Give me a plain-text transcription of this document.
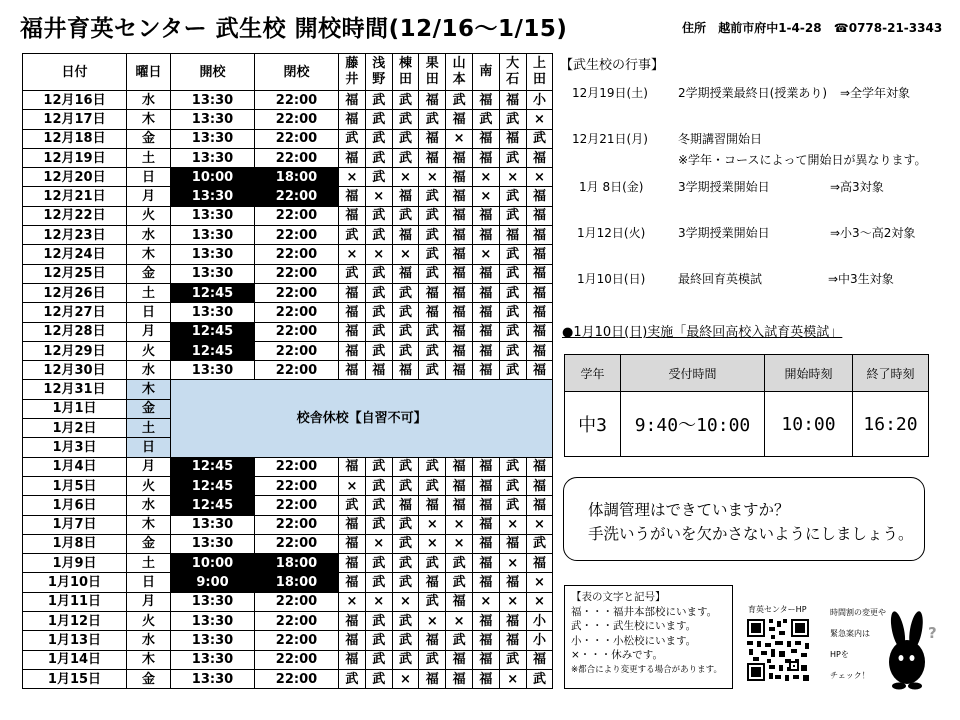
福井育英センター 武生校 開校時間(12/16～1/15)	住所 越前市府中1-4-28 ☎0778-21-3343
日付	曜日	開校	閉校	藤井	浅野	棟田	果田	山本	南	大石	上田
12月16日	水	13:30	22:00	福	武	武	福	武	福	福	小
12月17日	木	13:30	22:00	福	武	武	武	福	武	武	×
12月18日	金	13:30	22:00	武	武	武	福	×	福	福	武
12月19日	土	13:30	22:00	福	武	武	福	福	福	武	福
12月20日	日	10:00	18:00	×	武	×	×	福	×	×	×
12月21日	月	13:30	22:00	福	×	福	武	福	×	武	福
12月22日	火	13:30	22:00	福	武	武	武	福	福	武	福
12月23日	水	13:30	22:00	武	武	福	武	福	福	福	福
12月24日	木	13:30	22:00	×	×	×	武	福	×	武	福
12月25日	金	13:30	22:00	武	武	福	武	福	福	武	福
12月26日	土	12:45	22:00	福	武	武	福	福	福	武	福
12月27日	日	13:30	22:00	福	武	武	福	福	福	武	福
12月28日	月	12:45	22:00	福	武	武	武	福	福	武	福
12月29日	火	12:45	22:00	福	武	武	武	福	福	武	福
12月30日	水	13:30	22:00	福	福	福	武	福	福	武	福
12月31日	木	校舎休校【自習不可】									
1月1日	金										
1月2日	土										
1月3日	日										
1月4日	月	12:45	22:00	福	武	武	武	福	福	武	福
1月5日	火	12:45	22:00	×	武	武	武	福	福	武	福
1月6日	水	12:45	22:00	武	武	福	福	福	福	武	福
1月7日	木	13:30	22:00	福	武	武	×	×	福	×	×
1月8日	金	13:30	22:00	福	×	武	×	×	福	福	武
1月9日	土	10:00	18:00	福	武	武	武	武	福	×	福
1月10日	日	9:00	18:00	福	武	武	福	武	福	福	×
1月11日	月	13:30	22:00	×	×	×	武	福	×	×	×
1月12日	火	13:30	22:00	福	武	武	×	×	福	福	小
1月13日	水	13:30	22:00	福	武	武	福	武	福	福	小
1月14日	木	13:30	22:00	福	武	武	武	福	福	武	福
1月15日	金	13:30	22:00	武	武	×	福	福	福	×	武
【武生校の行事】
12月19日(土)	2学期授業最終日(授業あり) ⇒全学年対象
12月21日(月)	冬期講習開始日
※学年・コースによって開始日が異なります。
1月 8日(金)	3学期授業開始日	⇒高3対象
1月12日(火)	3学期授業開始日	⇒小3～高2対象
1月10日(日)	最終回育英模試	⇒中3生対象
●1月10日(日)実施「最終回高校入試育英模試」
学年	受付時間	開始時刻	終了時刻
中3	9:40～10:00	10:00	16:20
体調管理はできていますか？
手洗いうがいを欠かさないようにしましょう。
【表の文字と記号】
福・・・福井本部校にいます。
武・・・武生校にいます。
小・・・小松校にいます。
×・・・休みです。
※都合により変更する場合があります。
育英センターHP	時間割の変更や
緊急案内は
HPを
チェック！
?
